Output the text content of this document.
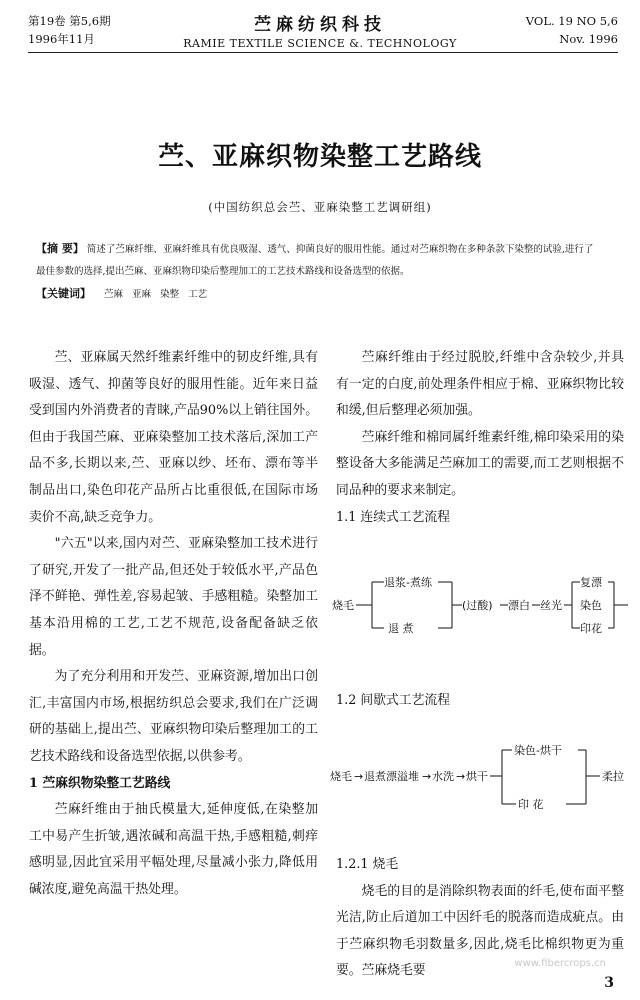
第19卷 第5,6期
1996年11月
苎麻纺织科技
RAMIE TEXTILE SCIENCE &. TECHNOLOGY
VOL. 19 NO 5,6
Nov. 1996
苎、亚麻织物染整工艺路线
(中国纺织总会苎、亚麻染整工艺调研组)
【摘 要】 简述了苎麻纤维、亚麻纤维具有优良吸湿、透气、抑菌良好的服用性能。通过对苎麻织物在多种条款下染整的试验,进行了最佳参数的选择,提出苎麻、亚麻织物印染后整理加工的工艺技术路线和设备选型的依据。
【关键词】 苎麻 亚麻 染整 工艺

苎、亚麻属天然纤维素纤维中的韧皮纤维,具有吸湿、透气、抑菌等良好的服用性能。近年来日益受到国内外消费者的青睐,产品90%以上销往国外。但由于我国苎麻、亚麻染整加工技术落后,深加工产品不多,长期以来,苎、亚麻以纱、坯布、漂布等半制品出口,染色印花产品所占比重很低,在国际市场卖价不高,缺乏竞争力。

"六五"以来,国内对苎、亚麻染整加工技术进行了研究,开发了一批产品,但还处于较低水平,产品色泽不鲜艳、弹性差,容易起皱、手感粗糙。染整加工基本沿用棉的工艺,工艺不规范,设备配备缺乏依据。

为了充分利用和开发苎、亚麻资源,增加出口创汇,丰富国内市场,根据纺织总会要求,我们在广泛调研的基础上,提出苎、亚麻织物印染后整理加工的工艺技术路线和设备选型依据,以供参考。

1 苎麻织物染整工艺路线

苎麻纤维由于抽氏模量大,延伸度低,在染整加工中易产生折皱,遇浓碱和高温干热,手感粗糙,刺痒感明显,因此宜采用平幅处理,尽量减小张力,降低用碱浓度,避免高温干热处理。

苎麻纤维由于经过脱胶,纤维中含杂较少,并具有一定的白度,前处理条件相应于棉、亚麻织物比较和缓,但后整理必须加强。

苎麻纤维和棉同属纤维素纤维,棉印染采用的染整设备大多能满足苎麻加工的需要,而工艺则根据不同品种的要求来制定。

1.1 连续式工艺流程

烧毛
退浆-煮练
退 煮
(过酸) 漂白 丝光
复漂
染色
印花

1.2 间歇式工艺流程

烧毛 → 退煮漂溢堆 → 水洗 → 烘干
染色-烘干
印 花
柔拉

1.2.1 烧毛

烧毛的目的是消除织物表面的纤毛,使布面平整光洁,防止后道加工中因纤毛的脱落而造成疵点。由于苎麻织物毛羽数量多,因此,烧毛比棉织物更为重要。苎麻烧毛要

3
www.fibercrops.cn
